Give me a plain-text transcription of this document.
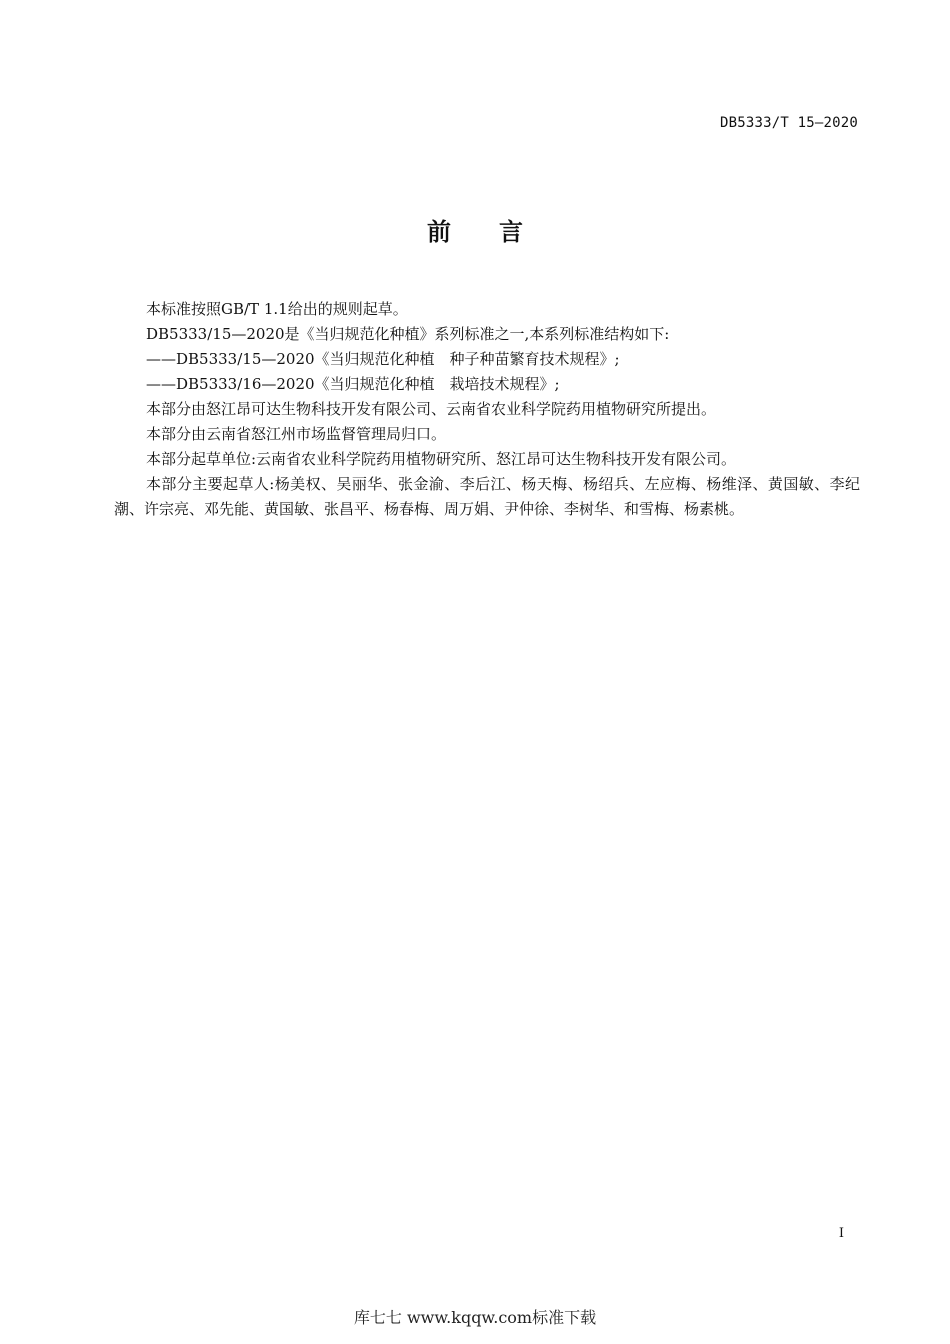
DB5333/T 15—2020
前　　言

本标准按照GB/T 1.1给出的规则起草。

DB5333/15—2020是《当归规范化种植》系列标准之一,本系列标准结构如下:

——DB5333/15—2020《当归规范化种植　种子种苗繁育技术规程》;

——DB5333/16—2020《当归规范化种植　栽培技术规程》;

本部分由怒江昂可达生物科技开发有限公司、云南省农业科学院药用植物研究所提出。

本部分由云南省怒江州市场监督管理局归口。

本部分起草单位:云南省农业科学院药用植物研究所、怒江昂可达生物科技开发有限公司。

本部分主要起草人:杨美权、吴丽华、张金渝、李后江、杨天梅、杨绍兵、左应梅、杨维泽、黄国敏、李纪潮、许宗亮、邓先能、黄国敏、张昌平、杨春梅、周万娟、尹仲徐、李树华、和雪梅、杨素桃。

I
库七七 www.kqqw.com标准下载
